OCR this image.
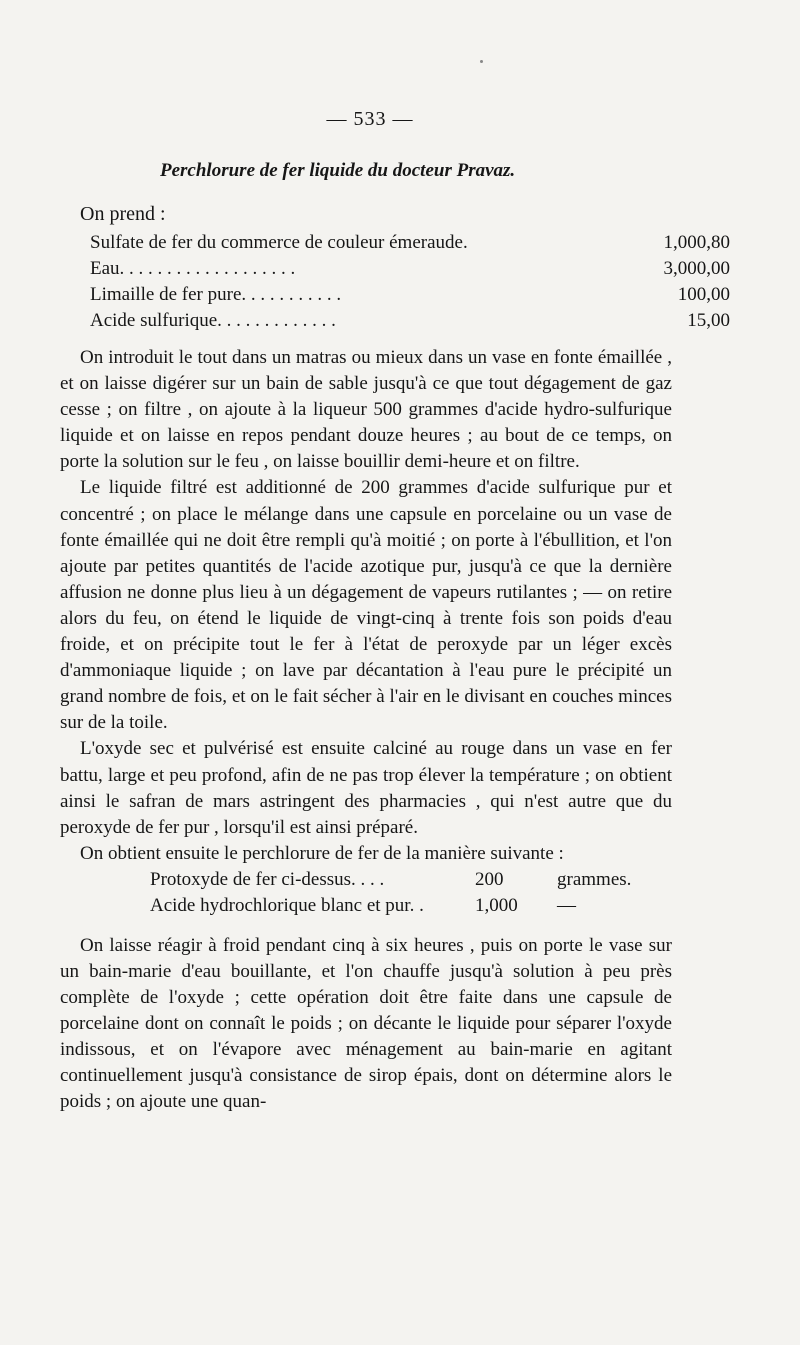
— 533 —
Perchlorure de fer liquide du docteur Pravaz.
On prend :
Sulfate de fer du commerce de couleur émeraude.	1,000,80
Eau. . . . . . . . . . . . . . . . . . .	3,000,00
Limaille de fer pure. . . . . . . . . . .	100,00
Acide sulfurique. . . . . . . . . . . . .	15,00

On introduit le tout dans un matras ou mieux dans un vase en fonte émaillée , et on laisse digérer sur un bain de sable jusqu'à ce que tout dégagement de gaz cesse ; on filtre , on ajoute à la liqueur 500 grammes d'acide hydro-sulfurique liquide et on laisse en repos pendant douze heures ; au bout de ce temps, on porte la solution sur le feu , on laisse bouillir demi-heure et on filtre.

Le liquide filtré est additionné de 200 grammes d'acide sulfurique pur et concentré ; on place le mélange dans une capsule en porcelaine ou un vase de fonte émaillée qui ne doit être rempli qu'à moitié ; on porte à l'ébullition, et l'on ajoute par petites quantités de l'acide azotique pur, jusqu'à ce que la dernière affusion ne donne plus lieu à un dégagement de vapeurs rutilantes ; — on retire alors du feu, on étend le liquide de vingt-cinq à trente fois son poids d'eau froide, et on précipite tout le fer à l'état de peroxyde par un léger excès d'ammoniaque liquide ; on lave par décantation à l'eau pure le précipité un grand nombre de fois, et on le fait sécher à l'air en le divisant en couches minces sur de la toile.

L'oxyde sec et pulvérisé est ensuite calciné au rouge dans un vase en fer battu, large et peu profond, afin de ne pas trop élever la température ; on obtient ainsi le safran de mars astringent des pharmacies , qui n'est autre que du peroxyde de fer pur , lorsqu'il est ainsi préparé.

On obtient ensuite le perchlorure de fer de la manière suivante :

Protoxyde de fer ci-dessus. . . .	200	grammes.
Acide hydrochlorique blanc et pur. .	1,000	—

On laisse réagir à froid pendant cinq à six heures , puis on porte le vase sur un bain-marie d'eau bouillante, et l'on chauffe jusqu'à solution à peu près complète de l'oxyde ; cette opération doit être faite dans une capsule de porcelaine dont on connaît le poids ; on décante le liquide pour séparer l'oxyde indissous, et on l'évapore avec ménagement au bain-marie en agitant continuellement jusqu'à consistance de sirop épais, dont on détermine alors le poids ; on ajoute une quan-
